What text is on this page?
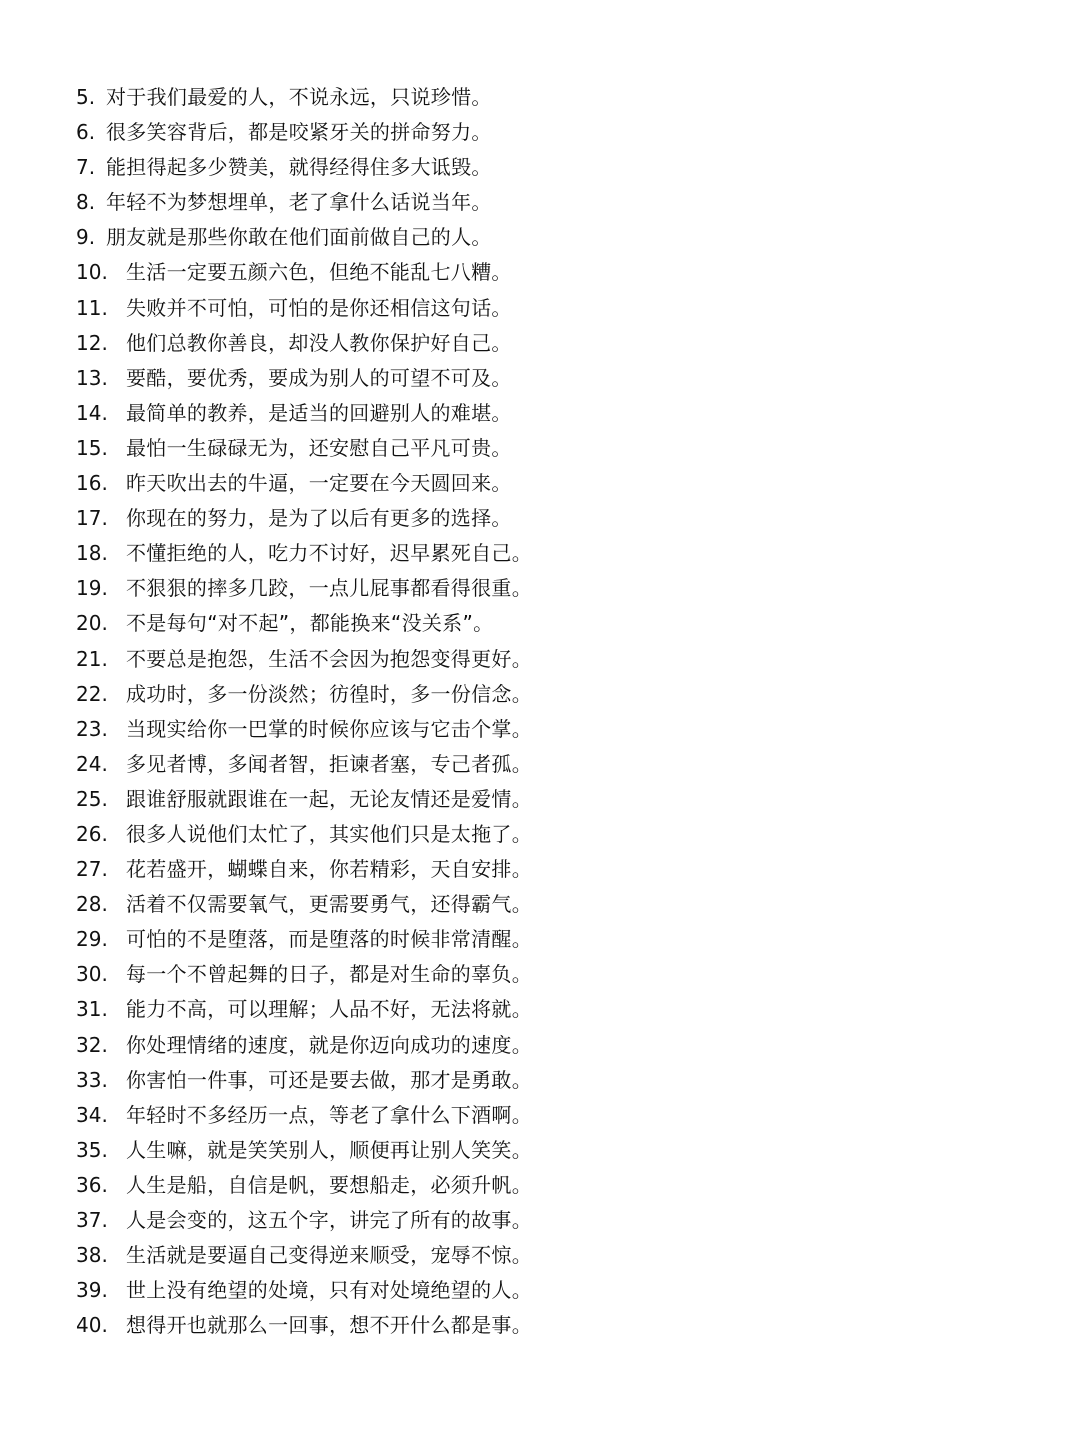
5. 对于我们最爱的人，不说永远，只说珍惜。
6. 很多笑容背后，都是咬紧牙关的拼命努力。
7. 能担得起多少赞美，就得经得住多大诋毁。
8. 年轻不为梦想埋单，老了拿什么话说当年。
9. 朋友就是那些你敢在他们面前做自己的人。
10. 生活一定要五颜六色，但绝不能乱七八糟。
11. 失败并不可怕，可怕的是你还相信这句话。
12. 他们总教你善良，却没人教你保护好自己。
13. 要酷，要优秀，要成为别人的可望不可及。
14. 最简单的教养，是适当的回避别人的难堪。
15. 最怕一生碌碌无为，还安慰自己平凡可贵。
16. 昨天吹出去的牛逼，一定要在今天圆回来。
17. 你现在的努力，是为了以后有更多的选择。
18. 不懂拒绝的人，吃力不讨好，迟早累死自己。
19. 不狠狠的摔多几跤，一点儿屁事都看得很重。
20. 不是每句“对不起”，都能换来“没关系”。
21. 不要总是抱怨，生活不会因为抱怨变得更好。
22. 成功时，多一份淡然；彷徨时，多一份信念。
23. 当现实给你一巴掌的时候你应该与它击个掌。
24. 多见者博，多闻者智，拒谏者塞，专己者孤。
25. 跟谁舒服就跟谁在一起，无论友情还是爱情。
26. 很多人说他们太忙了，其实他们只是太拖了。
27. 花若盛开，蝴蝶自来，你若精彩，天自安排。
28. 活着不仅需要氧气，更需要勇气，还得霸气。
29. 可怕的不是堕落，而是堕落的时候非常清醒。
30. 每一个不曾起舞的日子，都是对生命的辜负。
31. 能力不高，可以理解；人品不好，无法将就。
32. 你处理情绪的速度，就是你迈向成功的速度。
33. 你害怕一件事，可还是要去做，那才是勇敢。
34. 年轻时不多经历一点，等老了拿什么下酒啊。
35. 人生嘛，就是笑笑别人，顺便再让别人笑笑。
36. 人生是船，自信是帆，要想船走，必须升帆。
37. 人是会变的，这五个字，讲完了所有的故事。
38. 生活就是要逼自己变得逆来顺受，宠辱不惊。
39. 世上没有绝望的处境，只有对处境绝望的人。
40. 想得开也就那么一回事，想不开什么都是事。
